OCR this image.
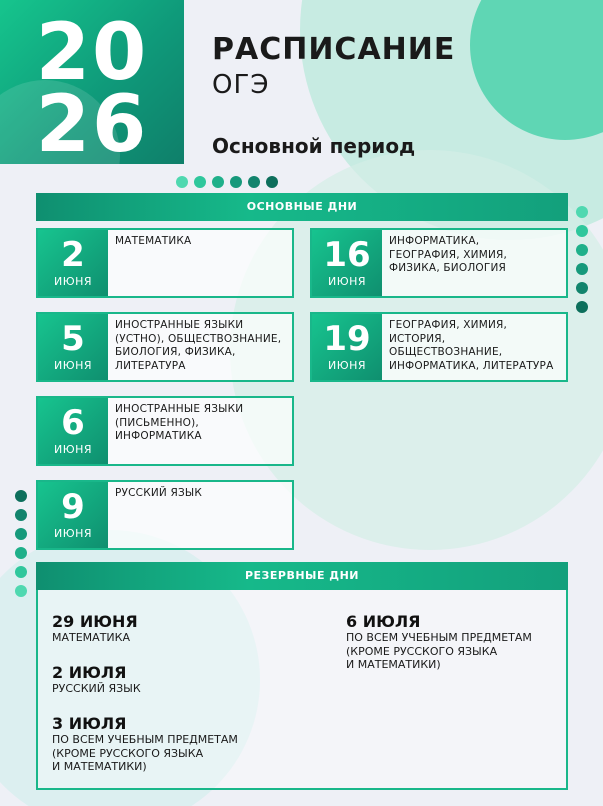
20
26
РАСПИСАНИЕ
ОГЭ
Основной период
ОСНОВНЫЕ ДНИ
2
ИЮНЯ
МАТЕМАТИКА	16
ИЮНЯ
ИНФОРМАТИКА,
ГЕОГРАФИЯ, ХИМИЯ,
ФИЗИКА, БИОЛОГИЯ
5
ИЮНЯ
ИНОСТРАННЫЕ ЯЗЫКИ
(УСТНО), ОБЩЕСТВОЗНАНИЕ,
БИОЛОГИЯ, ФИЗИКА,
ЛИТЕРАТУРА
19
ИЮНЯ
ГЕОГРАФИЯ, ХИМИЯ,
ИСТОРИЯ,
ОБЩЕСТВОЗНАНИЕ,
ИНФОРМАТИКА, ЛИТЕРАТУРА
6
ИЮНЯ
ИНОСТРАННЫЕ ЯЗЫКИ
(ПИСЬМЕННО),
ИНФОРМАТИКА
9
ИЮНЯ
РУССКИЙ ЯЗЫК
РЕЗЕРВНЫЕ ДНИ
29 ИЮНЯ
МАТЕМАТИКА
2 ИЮЛЯ
РУССКИЙ ЯЗЫК
3 ИЮЛЯ
ПО ВСЕМ УЧЕБНЫМ ПРЕДМЕТАМ
(КРОМЕ РУССКОГО ЯЗЫКА
И МАТЕМАТИКИ)
6 ИЮЛЯ
ПО ВСЕМ УЧЕБНЫМ ПРЕДМЕТАМ
(КРОМЕ РУССКОГО ЯЗЫКА
И МАТЕМАТИКИ)
